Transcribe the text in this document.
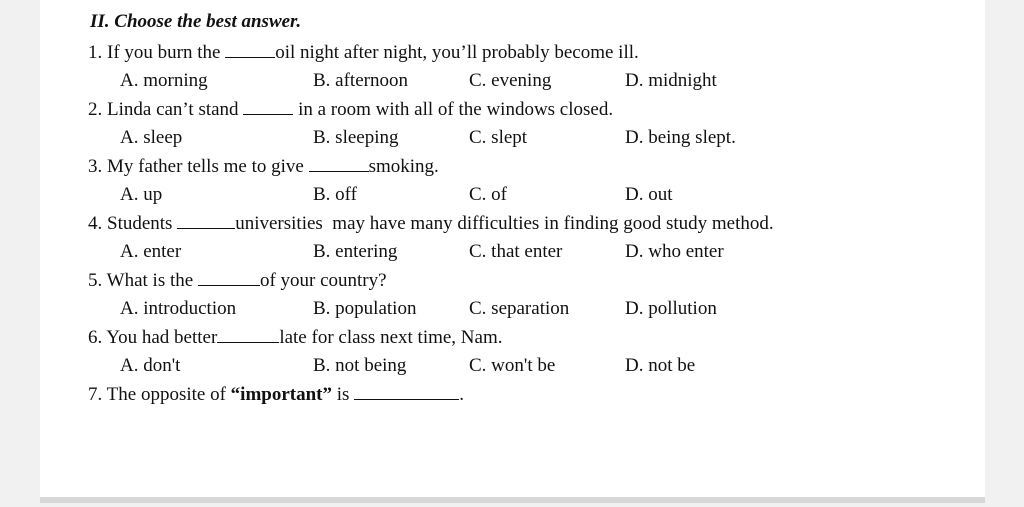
II. Choose the best answer.
1. If you burn the	oil night after night, you’ll probably become ill.
A. morning	B. afternoon	C. evening	D. midnight
2. Linda can’t stand	in a room with all of the windows closed.
A. sleep	B. sleeping	C. slept	D. being slept.
3. My father tells me to give	smoking.
A. up	B. off	C. of	D. out
4. Students	universities  may have many difficulties in finding good study method.
A. enter	B. entering	C. that enter	D. who enter
5. What is the	of your country?
A. introduction	B. population	C. separation	D. pollution
6. You had better	late for class next time, Nam.
A. don't	B. not being	C. won't be	D. not be
7. The opposite of “important” is	.
